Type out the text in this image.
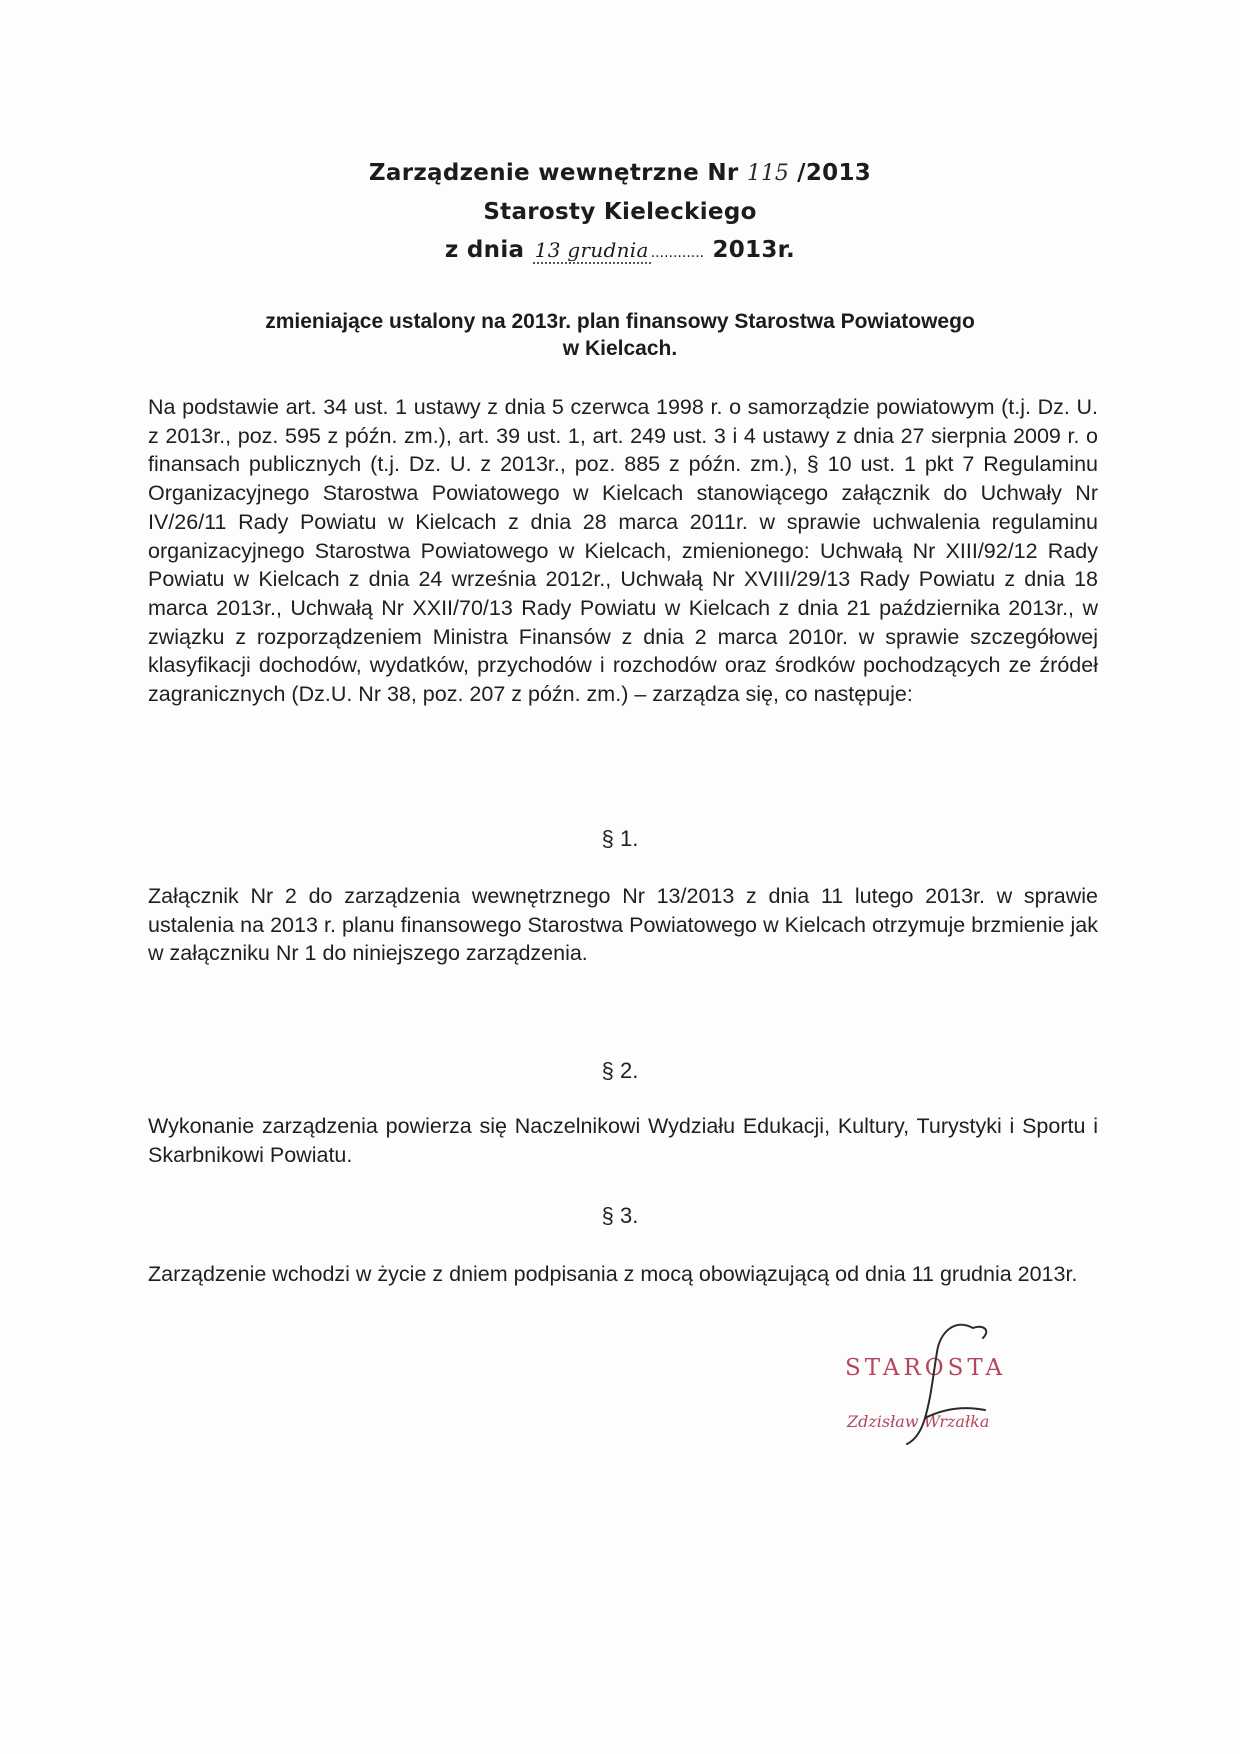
Zarządzenie wewnętrzne Nr 115 /2013
Starosty Kieleckiego
z dnia 13 grudnia ............ 2013r.
zmieniające ustalony na 2013r. plan finansowy Starostwa Powiatowego
w Kielcach.
Na podstawie art. 34 ust. 1 ustawy z dnia 5 czerwca 1998 r. o samorządzie powiatowym (t.j. Dz. U. z 2013r., poz. 595 z późn. zm.), art. 39 ust. 1, art. 249 ust. 3 i 4 ustawy z dnia 27 sierpnia 2009 r. o finansach publicznych (t.j. Dz. U. z 2013r., poz. 885 z późn. zm.), § 10 ust. 1 pkt 7 Regulaminu Organizacyjnego Starostwa Powiatowego w Kielcach stanowiącego załącznik do Uchwały Nr IV/26/11 Rady Powiatu w Kielcach z dnia 28 marca 2011r. w sprawie uchwalenia regulaminu organizacyjnego Starostwa Powiatowego w Kielcach, zmienionego: Uchwałą Nr XIII/92/12 Rady Powiatu w Kielcach z dnia 24 września 2012r., Uchwałą Nr XVIII/29/13 Rady Powiatu z dnia 18 marca 2013r., Uchwałą Nr XXII/70/13 Rady Powiatu w Kielcach z dnia 21 października 2013r., w związku z rozporządzeniem Ministra Finansów z dnia 2 marca 2010r. w sprawie szczegółowej klasyfikacji dochodów, wydatków, przychodów i rozchodów oraz środków pochodzących ze źródeł zagranicznych (Dz.U. Nr 38, poz. 207 z późn. zm.) – zarządza się, co następuje:
§ 1.
Załącznik Nr 2 do zarządzenia wewnętrznego Nr 13/2013 z dnia 11 lutego 2013r. w sprawie ustalenia na 2013 r. planu finansowego Starostwa Powiatowego w Kielcach otrzymuje brzmienie jak w załączniku Nr 1 do niniejszego zarządzenia.
§ 2.
Wykonanie zarządzenia powierza się Naczelnikowi Wydziału Edukacji, Kultury, Turystyki i Sportu i Skarbnikowi Powiatu.
§ 3.
Zarządzenie wchodzi w życie z dniem podpisania z mocą obowiązującą od dnia 11 grudnia 2013r.
STAROSTA
Zdzisław Wrzałka
